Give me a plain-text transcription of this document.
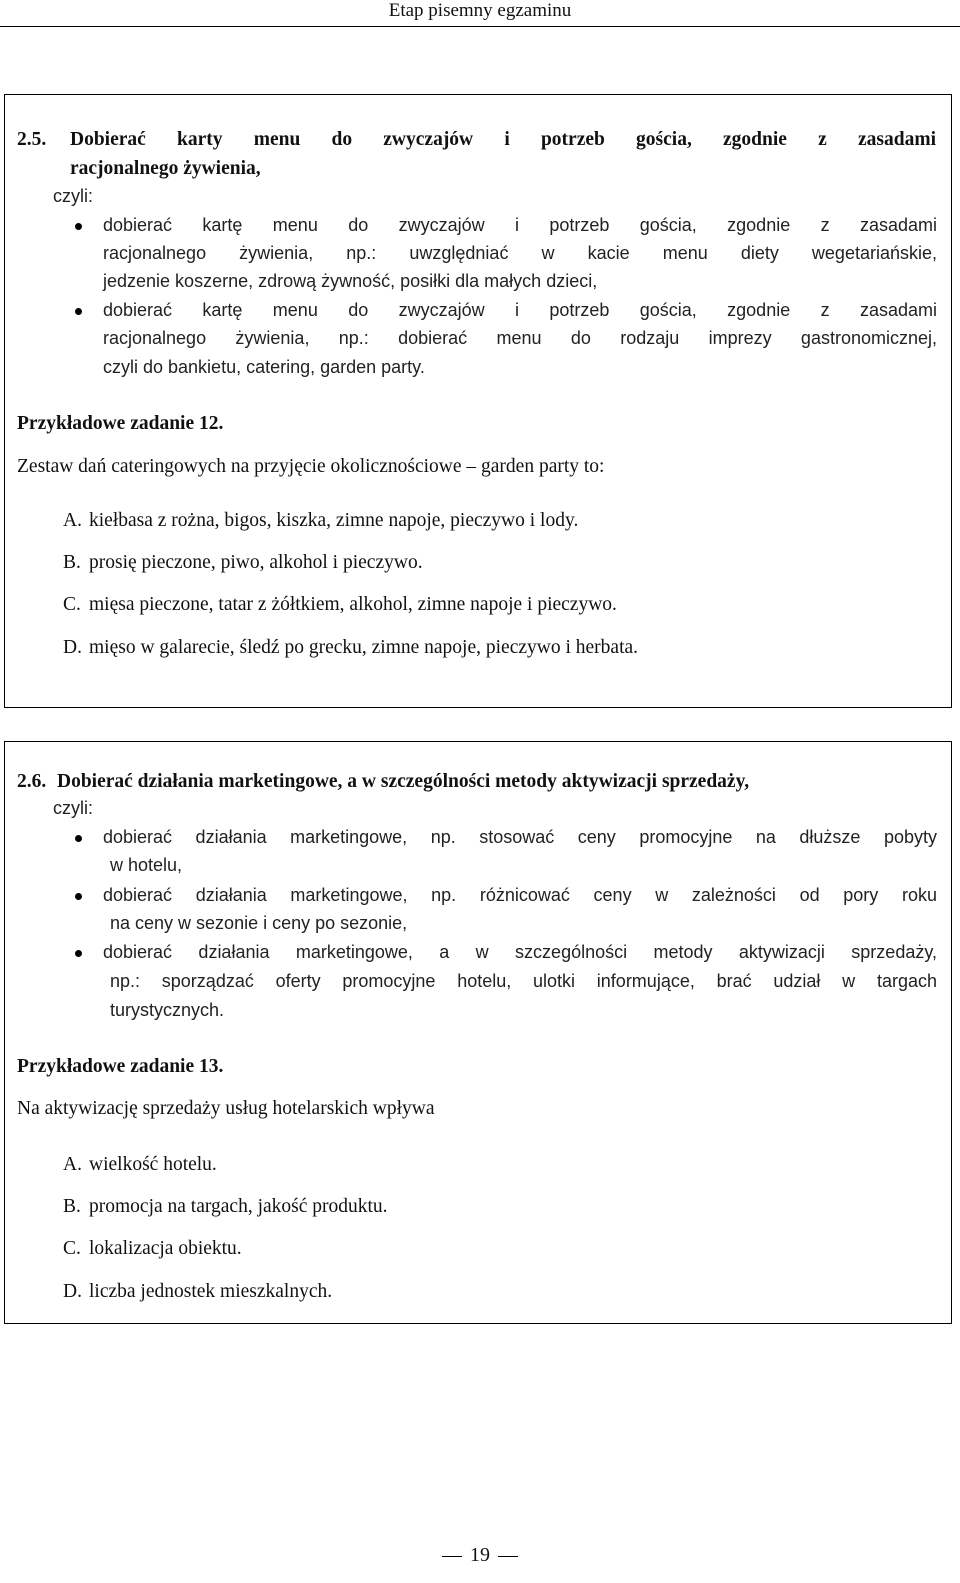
Etap pisemny egzaminu
2.5. Dobierać karty menu do zwyczajów i potrzeb gościa, zgodnie z zasadami
racjonalnego żywienia,
czyli:
dobierać kartę menu do zwyczajów i potrzeb gościa, zgodnie z zasadami
racjonalnego żywienia, np.: uwzględniać w kacie menu diety wegetariańskie,
jedzenie koszerne, zdrową żywność, posiłki dla małych dzieci,
dobierać kartę menu do zwyczajów i potrzeb gościa, zgodnie z zasadami
racjonalnego żywienia, np.: dobierać menu do rodzaju imprezy gastronomicznej,
czyli do bankietu, catering, garden party.
Przykładowe zadanie 12.
Zestaw dań cateringowych na przyjęcie okolicznościowe – garden party to:
A. kiełbasa z rożna, bigos, kiszka, zimne napoje, pieczywo i lody.
B. prosię pieczone, piwo, alkohol i pieczywo.
C. mięsa pieczone, tatar z żółtkiem, alkohol, zimne napoje i pieczywo.
D. mięso w galarecie, śledź po grecku, zimne napoje, pieczywo i herbata.
2.6. Dobierać działania marketingowe, a w szczególności metody aktywizacji sprzedaży,
czyli:
dobierać działania marketingowe, np. stosować ceny promocyjne na dłuższe pobyty
w hotelu,
dobierać działania marketingowe, np. różnicować ceny w zależności od pory roku
na ceny w sezonie i ceny po sezonie,
dobierać działania marketingowe, a w szczególności metody aktywizacji sprzedaży,
np.: sporządzać oferty promocyjne hotelu, ulotki informujące, brać udział w targach
turystycznych.
Przykładowe zadanie 13.
Na aktywizację sprzedaży usług hotelarskich wpływa
A. wielkość hotelu.
B. promocja na targach, jakość produktu.
C. lokalizacja obiektu.
D. liczba jednostek mieszkalnych.
19
